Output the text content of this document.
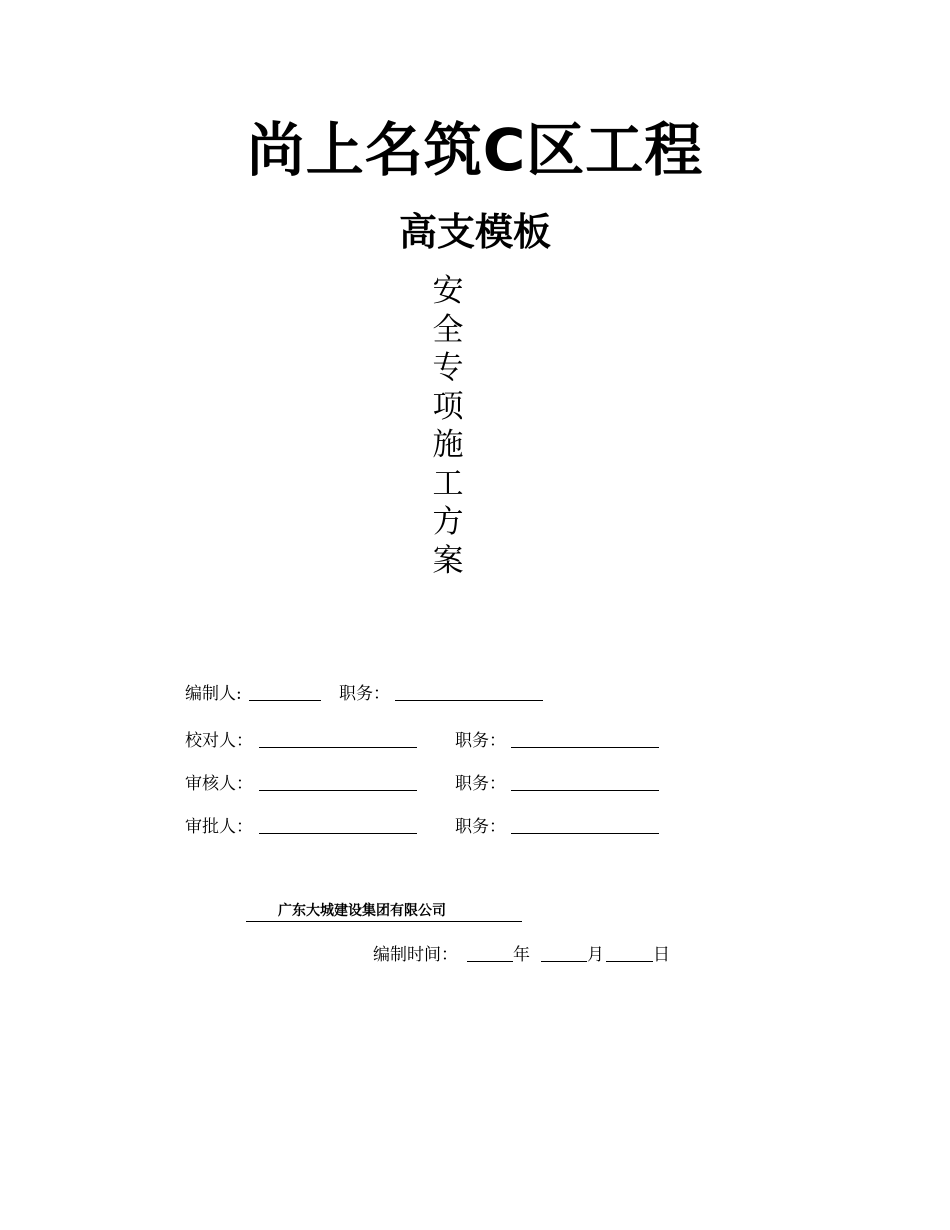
尚上名筑C区工程
高支模板
安
全
专
项
施
工
方
案
编制人:	职务：
校对人：	职务：
审核人：	职务：
审批人：	职务：
广东大城建设集团有限公司
编制时间：	年	月	日
